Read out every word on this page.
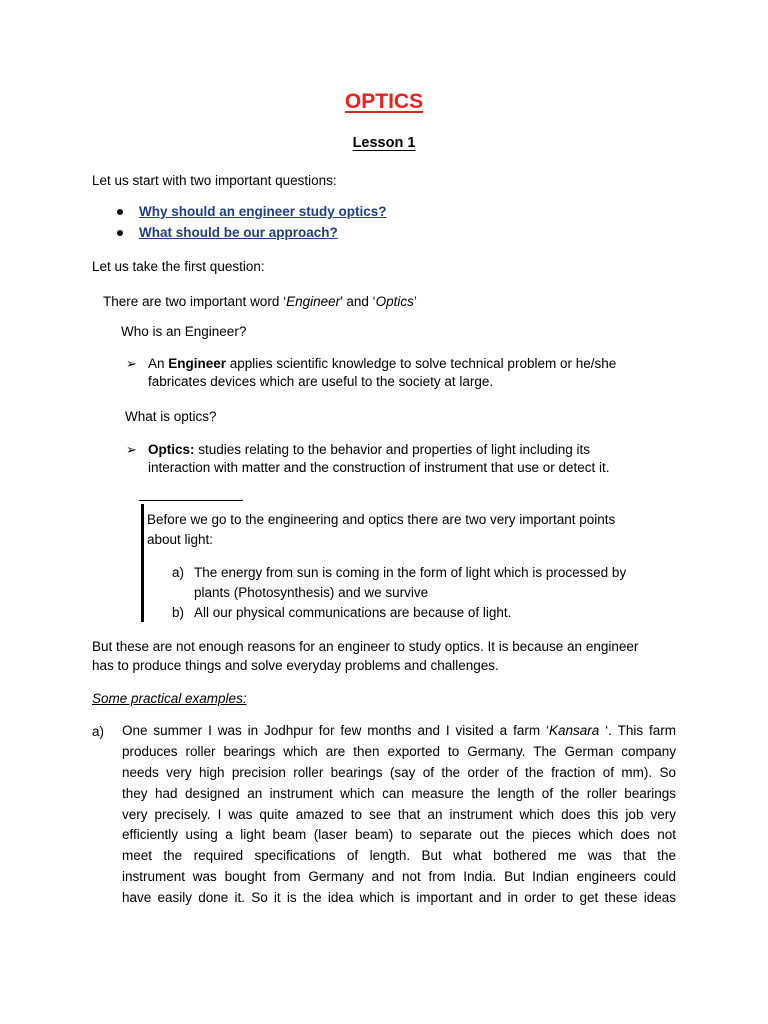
OPTICS
Lesson 1
Let us start with two important questions:
Why should an engineer study optics?
What should be our approach?
Let us take the first question:
There are two important word ‘Engineer’ and ‘Optics’
Who is an Engineer?
➢ An Engineer applies scientific knowledge to solve technical problem or he/she
fabricates devices which are useful to the society at large.
What is optics?
➢ Optics: studies relating to the behavior and properties of light including its
interaction with matter and the construction of instrument that use or detect it.
Before we go to the engineering and optics there are two very important points
about light:
a) The energy from sun is coming in the form of light which is processed by
plants (Photosynthesis) and we survive
b) All our physical communications are because of light.
But these are not enough reasons for an engineer to study optics. It is because an engineer
has to produce things and solve everyday problems and challenges.
Some practical examples:
a) One summer I was in Jodhpur for few months and I visited a farm ‘Kansara ‘. This farm
produces roller bearings which are then exported to Germany. The German company
needs very high precision roller bearings (say of the order of the fraction of mm). So
they had designed an instrument which can measure the length of the roller bearings
very precisely. I was quite amazed to see that an instrument which does this job very
efficiently using a light beam (laser beam) to separate out the pieces which does not
meet the required specifications of length. But what bothered me was that the
instrument was bought from Germany and not from India. But Indian engineers could
have easily done it. So it is the idea which is important and in order to get these ideas
